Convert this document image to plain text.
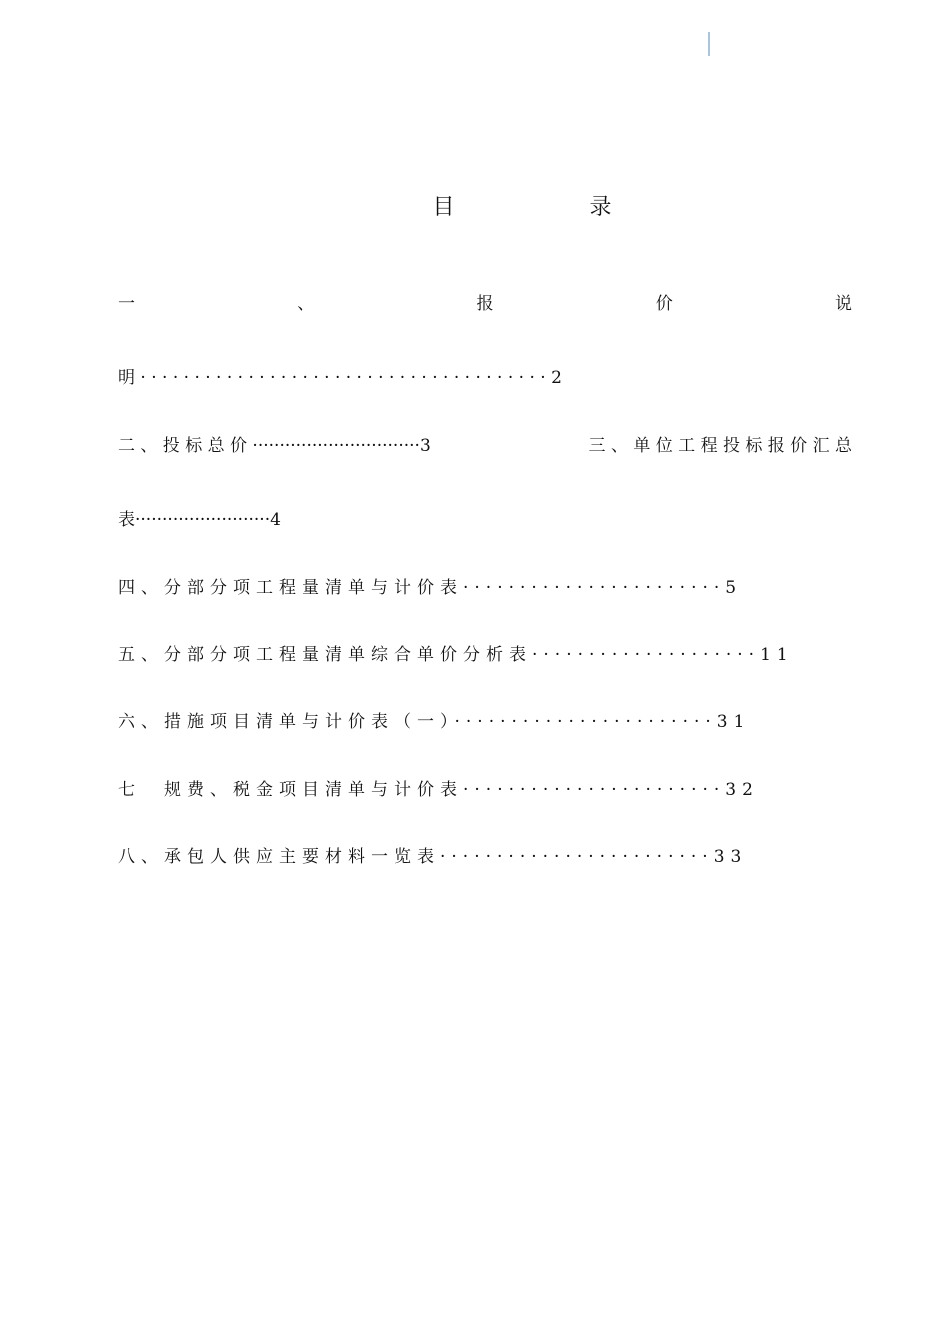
目 录
一	、	报	价	说
明 · · · · · · · · · · · · · · · · · · · · · · · · · · · · · · · · · · · · · · 2
二 、 投 标 总 价 ·······························3	三 、 单 位 工 程 投 标 报 价 汇 总
表·························4
四、分部分项工程量清单与计价表·······················5
五、分部分项工程量清单综合单价分析表····················11
六、措施项目清单与计价表（一）·······················31
七　规费、税金项目清单与计价表·······················32
八、承包人供应主要材料一览表························33
